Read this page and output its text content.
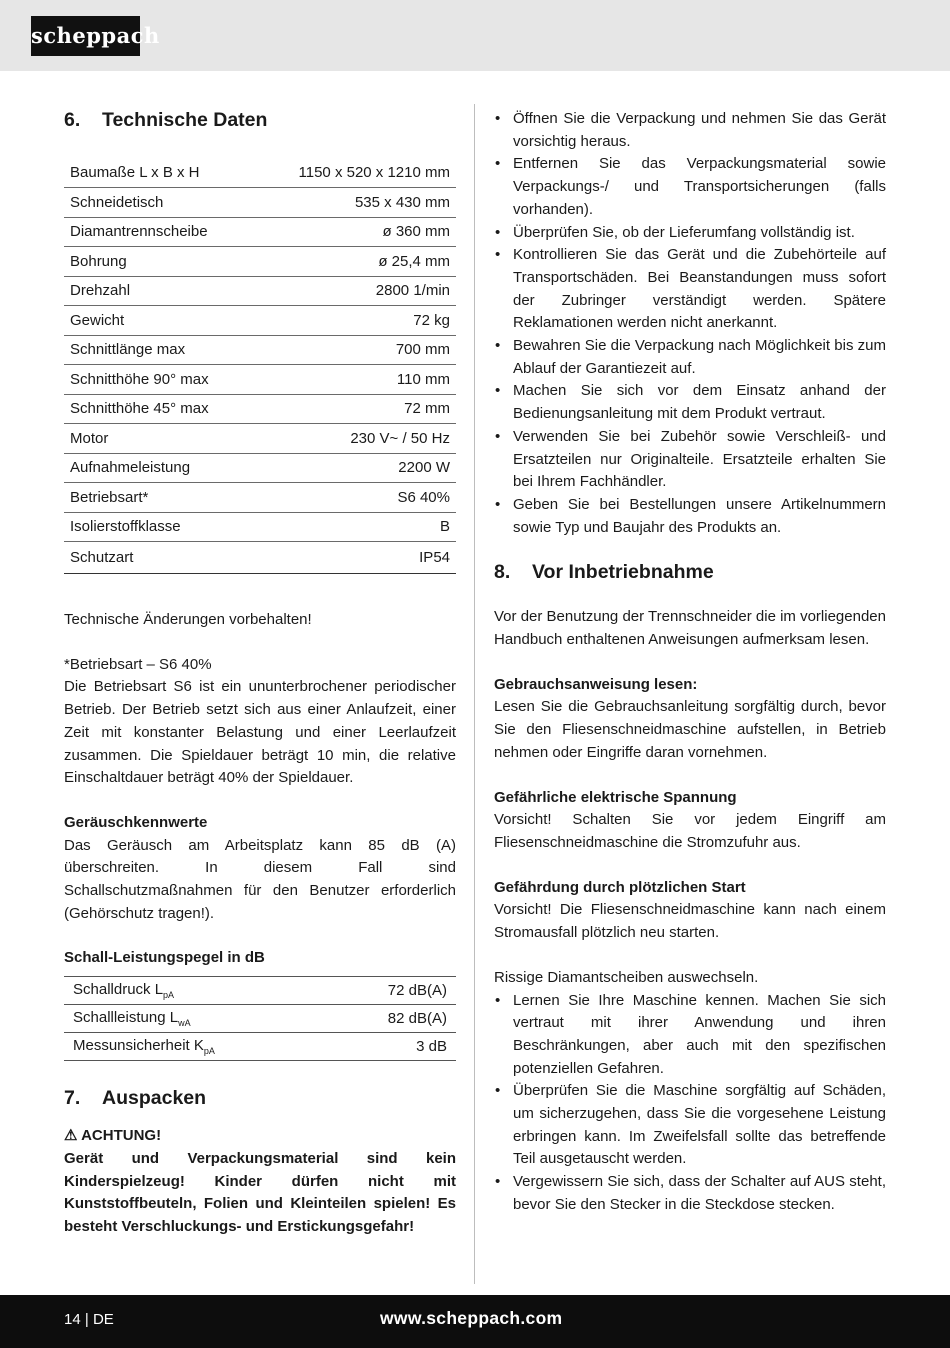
scheppach
6.	Technische Daten
Baumaße L x B x H	1150 x 520 x 1210 mm
Schneidetisch	535 x 430 mm
Diamantrennscheibe	ø 360 mm
Bohrung	ø 25,4 mm
Drehzahl	2800 1/min
Gewicht	72 kg
Schnittlänge max	700 mm
Schnitthöhe 90° max	110 mm
Schnitthöhe 45° max	72 mm
Motor	230 V~ / 50 Hz
Aufnahmeleistung	2200 W
Betriebsart*	S6 40%
Isolierstoffklasse	B
Schutzart	IP54
Technische Änderungen vorbehalten!
*Betriebsart – S6 40%
Die Betriebsart S6 ist ein ununterbrochener periodischer Betrieb. Der Betrieb setzt sich aus einer Anlaufzeit, einer Zeit mit konstanter Belastung und einer Leerlaufzeit zusammen. Die Spieldauer beträgt 10 min, die relative Einschaltdauer beträgt 40% der Spieldauer.
Geräuschkennwerte
Das Geräusch am Arbeitsplatz kann 85 dB (A) überschreiten. In diesem Fall sind Schallschutzmaßnahmen für den Benutzer erforderlich (Gehörschutz tragen!).
Schall-Leistungspegel in dB
Schalldruck $L_{pA}$	72 dB(A)
Schallleistung $L_{wA}$	82 dB(A)
Messunsicherheit $K_{pA}$	3 dB
7.	Auspacken
⚠ ACHTUNG!
Gerät und Verpackungsmaterial sind kein Kinderspielzeug! Kinder dürfen nicht mit Kunststoffbeuteln, Folien und Kleinteilen spielen! Es besteht Verschluckungs- und Erstickungsgefahr!
• Öffnen Sie die Verpackung und nehmen Sie das Gerät vorsichtig heraus.
• Entfernen Sie das Verpackungsmaterial sowie Verpackungs-/ und Transportsicherungen (falls vorhanden).
• Überprüfen Sie, ob der Lieferumfang vollständig ist.
• Kontrollieren Sie das Gerät und die Zubehörteile auf Transportschäden. Bei Beanstandungen muss sofort der Zubringer verständigt werden. Spätere Reklamationen werden nicht anerkannt.
• Bewahren Sie die Verpackung nach Möglichkeit bis zum Ablauf der Garantiezeit auf.
• Machen Sie sich vor dem Einsatz anhand der Bedienungsanleitung mit dem Produkt vertraut.
• Verwenden Sie bei Zubehör sowie Verschleiß- und Ersatzteilen nur Originalteile. Ersatzteile erhalten Sie bei Ihrem Fachhändler.
• Geben Sie bei Bestellungen unsere Artikelnummern sowie Typ und Baujahr des Produkts an.
8.	Vor Inbetriebnahme
Vor der Benutzung der Trennschneider die im vorliegenden Handbuch enthaltenen Anweisungen aufmerksam lesen.
Gebrauchsanweisung lesen:
Lesen Sie die Gebrauchsanleitung sorgfältig durch, bevor Sie den Fliesenschneidmaschine aufstellen, in Betrieb nehmen oder Eingriffe daran vornehmen.
Gefährliche elektrische Spannung
Vorsicht! Schalten Sie vor jedem Eingriff am Fliesenschneidmaschine die Stromzufuhr aus.
Gefährdung durch plötzlichen Start
Vorsicht! Die Fliesenschneidmaschine kann nach einem Stromausfall plötzlich neu starten.
Rissige Diamantscheiben auswechseln.
• Lernen Sie Ihre Maschine kennen. Machen Sie sich vertraut mit ihrer Anwendung und ihren Beschränkungen, aber auch mit den spezifischen potenziellen Gefahren.
• Überprüfen Sie die Maschine sorgfältig auf Schäden, um sicherzugehen, dass Sie die vorgesehene Leistung erbringen kann. Im Zweifelsfall sollte das betreffende Teil ausgetauscht werden.
• Vergewissern Sie sich, dass der Schalter auf AUS steht, bevor Sie den Stecker in die Steckdose stecken.
14 | DE	www.scheppach.com
